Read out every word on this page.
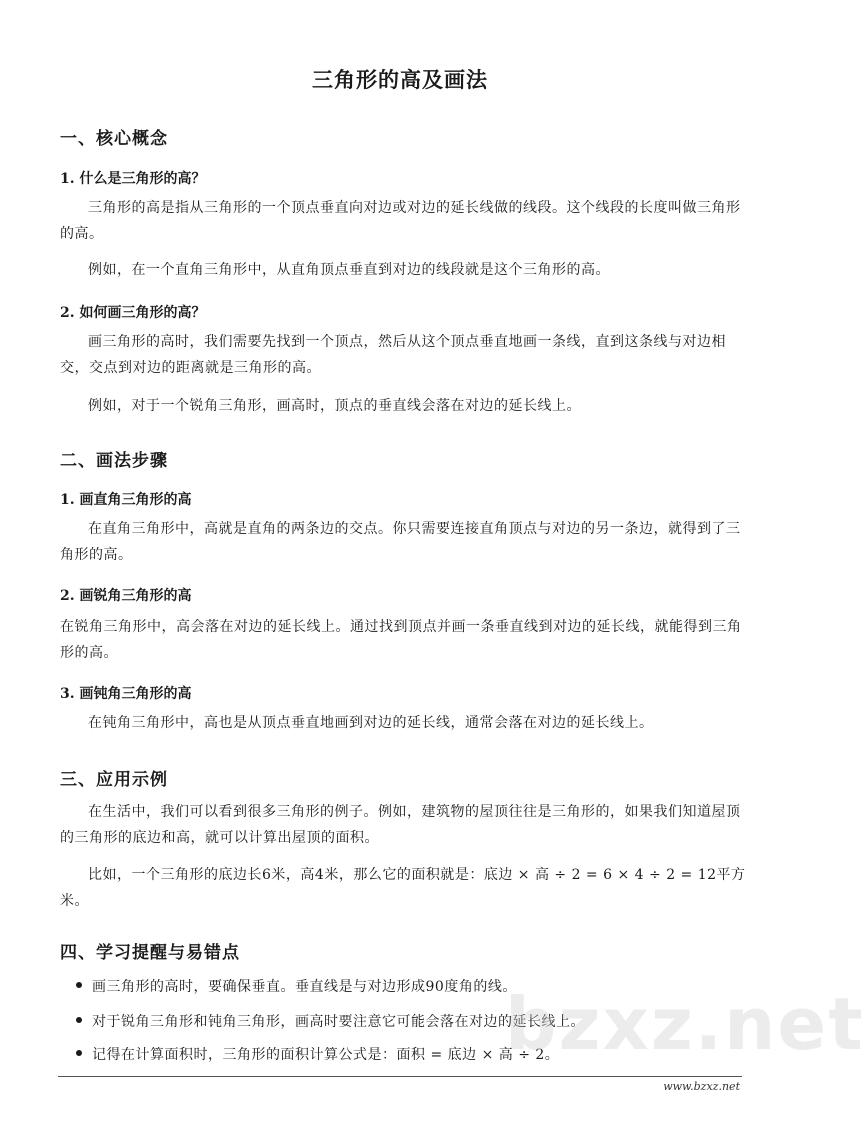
三角形的高及画法
一、核心概念
1. 什么是三角形的高？
三角形的高是指从三角形的一个顶点垂直向对边或对边的延长线做的线段。这个线段的长度叫做三角形的高。
例如，在一个直角三角形中，从直角顶点垂直到对边的线段就是这个三角形的高。
2. 如何画三角形的高？
画三角形的高时，我们需要先找到一个顶点，然后从这个顶点垂直地画一条线，直到这条线与对边相交，交点到对边的距离就是三角形的高。
例如，对于一个锐角三角形，画高时，顶点的垂直线会落在对边的延长线上。
二、画法步骤
1. 画直角三角形的高
在直角三角形中，高就是直角的两条边的交点。你只需要连接直角顶点与对边的另一条边，就得到了三角形的高。
2. 画锐角三角形的高
在锐角三角形中，高会落在对边的延长线上。通过找到顶点并画一条垂直线到对边的延长线，就能得到三角形的高。
3. 画钝角三角形的高
在钝角三角形中，高也是从顶点垂直地画到对边的延长线，通常会落在对边的延长线上。
三、应用示例
在生活中，我们可以看到很多三角形的例子。例如，建筑物的屋顶往往是三角形的，如果我们知道屋顶的三角形的底边和高，就可以计算出屋顶的面积。
比如，一个三角形的底边长6米，高4米，那么它的面积就是：底边 × 高 ÷ 2 = 6 × 4 ÷ 2 = 12平方米。
四、学习提醒与易错点
画三角形的高时，要确保垂直。垂直线是与对边形成90度角的线。
对于锐角三角形和钝角三角形，画高时要注意它可能会落在对边的延长线上。
记得在计算面积时，三角形的面积计算公式是：面积 = 底边 × 高 ÷ 2。
bzxz.net
www.bzxz.net
